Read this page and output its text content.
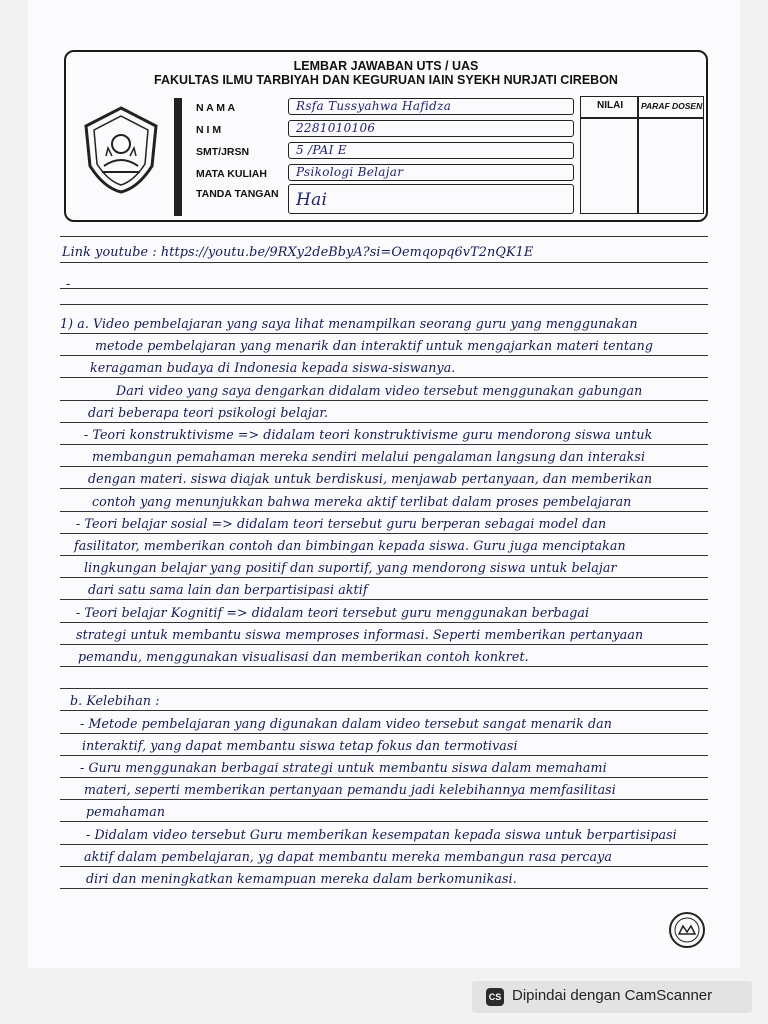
LEMBAR JAWABAN UTS / UAS
FAKULTAS ILMU TARBIYAH DAN KEGURUAN IAIN SYEKH NURJATI CIREBON
N A M A	Rsfa Tussyahwa Hafidza
N I M	2281010106
SMT/JRSN	5 /PAI E
MATA KULIAH Psikologi Belajar
TANDA TANGAN Hai
NILAI PARAF DOSEN
Link youtube : https://youtu.be/9RXy2deBbyA?si=Oemqopq6vT2nQK1E
-
1) a. Video pembelajaran yang saya lihat menampilkan seorang guru yang menggunakan
metode pembelajaran yang menarik dan interaktif untuk mengajarkan materi tentang
keragaman budaya di Indonesia kepada siswa-siswanya.
Dari video yang saya dengarkan didalam video tersebut menggunakan gabungan
dari beberapa teori psikologi belajar.
- Teori konstruktivisme => didalam teori konstruktivisme guru mendorong siswa untuk
membangun pemahaman mereka sendiri melalui pengalaman langsung dan interaksi
dengan materi. siswa diajak untuk berdiskusi, menjawab pertanyaan, dan memberikan
contoh yang menunjukkan bahwa mereka aktif terlibat dalam proses pembelajaran
- Teori belajar sosial => didalam teori tersebut guru berperan sebagai model dan
fasilitator, memberikan contoh dan bimbingan kepada siswa. Guru juga menciptakan
lingkungan belajar yang positif dan suportif, yang mendorong siswa untuk belajar
dari satu sama lain dan berpartisipasi aktif
- Teori belajar Kognitif => didalam teori tersebut guru menggunakan berbagai
strategi untuk membantu siswa memproses informasi. Seperti memberikan pertanyaan
pemandu, menggunakan visualisasi dan memberikan contoh konkret.
b. Kelebihan :
- Metode pembelajaran yang digunakan dalam video tersebut sangat menarik dan
interaktif, yang dapat membantu siswa tetap fokus dan termotivasi
- Guru menggunakan berbagai strategi untuk membantu siswa dalam memahami
materi, seperti memberikan pertanyaan pemandu jadi kelebihannya memfasilitasi
pemahaman
- Didalam video tersebut Guru memberikan kesempatan kepada siswa untuk berpartisipasi
aktif dalam pembelajaran, yg dapat membantu mereka membangun rasa percaya
diri dan meningkatkan kemampuan mereka dalam berkomunikasi.
CS Dipindai dengan CamScanner
